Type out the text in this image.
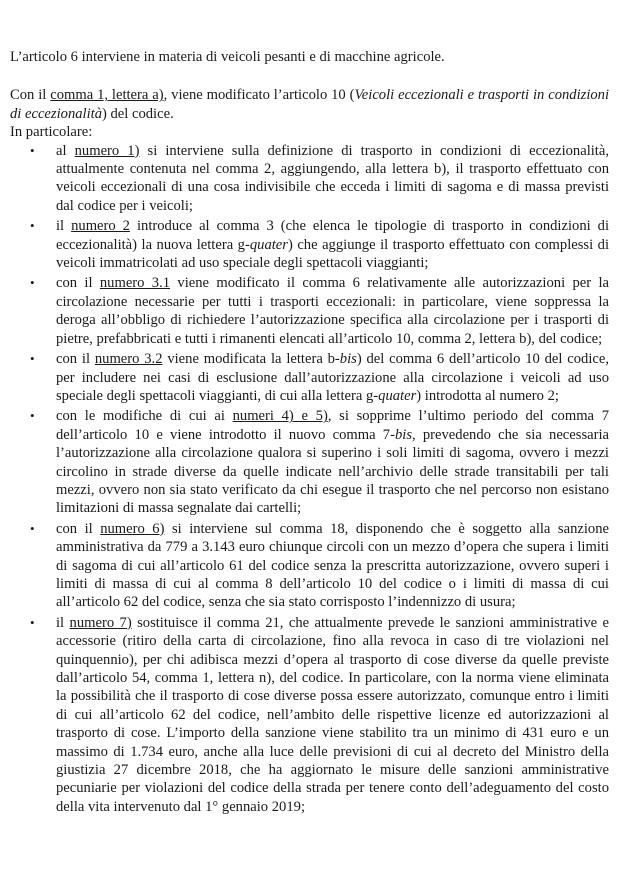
L’articolo 6 interviene in materia di veicoli pesanti e di macchine agricole.

Con il comma 1, lettera a), viene modificato l’articolo 10 (Veicoli eccezionali e trasporti in condizioni di eccezionalità) del codice.

In particolare:

• al numero 1) si interviene sulla definizione di trasporto in condizioni di eccezionalità, attualmente contenuta nel comma 2, aggiungendo, alla lettera b), il trasporto effettuato con veicoli eccezionali di una cosa indivisibile che ecceda i limiti di sagoma e di massa previsti dal codice per i veicoli;
• il numero 2 introduce al comma 3 (che elenca le tipologie di trasporto in condizioni di eccezionalità) la nuova lettera g-quater) che aggiunge il trasporto effettuato con complessi di veicoli immatricolati ad uso speciale degli spettacoli viaggianti;
• con il numero 3.1 viene modificato il comma 6 relativamente alle autorizzazioni per la circolazione necessarie per tutti i trasporti eccezionali: in particolare, viene soppressa la deroga all’obbligo di richiedere l’autorizzazione specifica alla circolazione per i trasporti di pietre, prefabbricati e tutti i rimanenti elencati all’articolo 10, comma 2, lettera b), del codice;
• con il numero 3.2 viene modificata la lettera b-bis) del comma 6 dell’articolo 10 del codice, per includere nei casi di esclusione dall’autorizzazione alla circolazione i veicoli ad uso speciale degli spettacoli viaggianti, di cui alla lettera g-quater) introdotta al numero 2;
• con le modifiche di cui ai numeri 4) e 5), si sopprime l’ultimo periodo del comma 7 dell’articolo 10 e viene introdotto il nuovo comma 7-bis, prevedendo che sia necessaria l’autorizzazione alla circolazione qualora si superino i soli limiti di sagoma, ovvero i mezzi circolino in strade diverse da quelle indicate nell’archivio delle strade transitabili per tali mezzi, ovvero non sia stato verificato da chi esegue il trasporto che nel percorso non esistano limitazioni di massa segnalate dai cartelli;
• con il numero 6) si interviene sul comma 18, disponendo che è soggetto alla sanzione amministrativa da 779 a 3.143 euro chiunque circoli con un mezzo d’opera che supera i limiti di sagoma di cui all’articolo 61 del codice senza la prescritta autorizzazione, ovvero superi i limiti di massa di cui al comma 8 dell’articolo 10 del codice o i limiti di massa di cui all’articolo 62 del codice, senza che sia stato corrisposto l’indennizzo di usura;
• il numero 7) sostituisce il comma 21, che attualmente prevede le sanzioni amministrative e accessorie (ritiro della carta di circolazione, fino alla revoca in caso di tre violazioni nel quinquennio), per chi adibisca mezzi d’opera al trasporto di cose diverse da quelle previste dall’articolo 54, comma 1, lettera n), del codice. In particolare, con la norma viene eliminata la possibilità che il trasporto di cose diverse possa essere autorizzato, comunque entro i limiti di cui all’articolo 62 del codice, nell’ambito delle rispettive licenze ed autorizzazioni al trasporto di cose. L’importo della sanzione viene stabilito tra un minimo di 431 euro e un massimo di 1.734 euro, anche alla luce delle previsioni di cui al decreto del Ministro della giustizia 27 dicembre 2018, che ha aggiornato le misure delle sanzioni amministrative pecuniarie per violazioni del codice della strada per tenere conto dell’adeguamento del costo della vita intervenuto dal 1° gennaio 2019;
